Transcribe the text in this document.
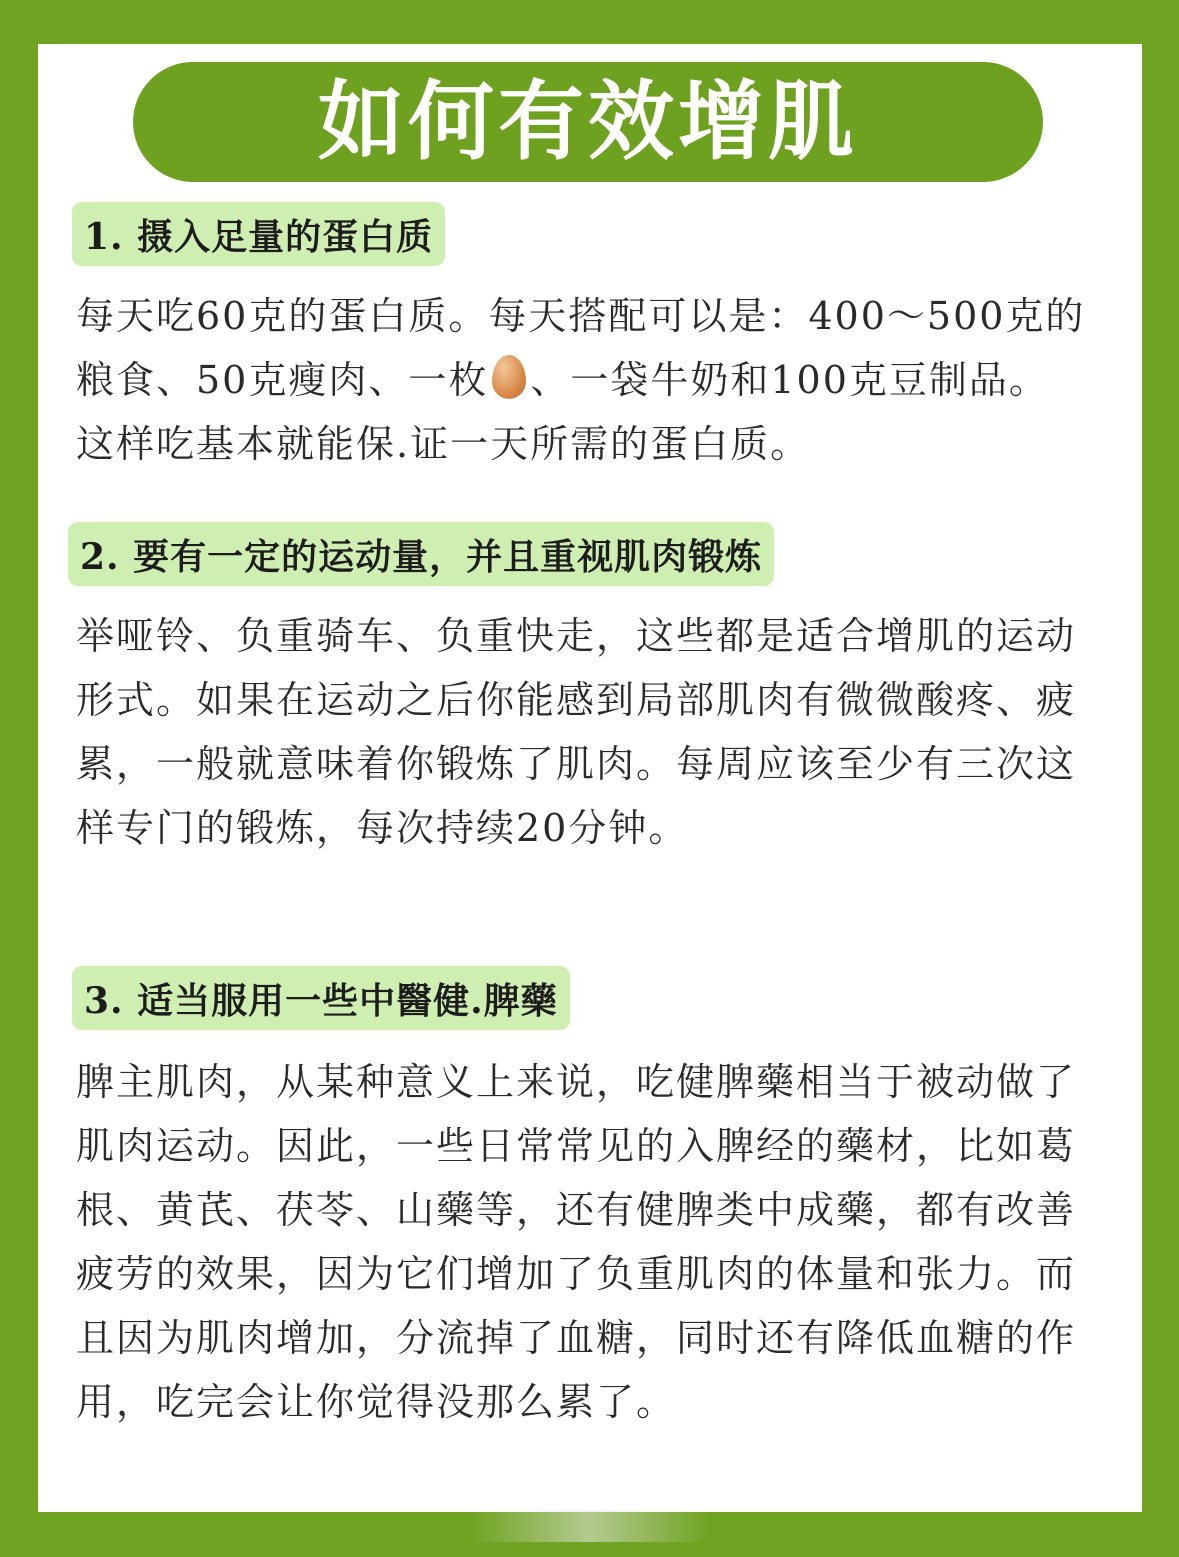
如何有效增肌
1. 摄入足量的蛋白质

每天吃60克的蛋白质。每天搭配可以是：400～500克的粮食、50克瘦肉、一枚 、一袋牛奶和100克豆制品。这样吃基本就能保.证一天所需的蛋白质。

2. 要有一定的运动量，并且重视肌肉锻炼

举哑铃、负重骑车、负重快走，这些都是适合增肌的运动形式。如果在运动之后你能感到局部肌肉有微微酸疼、疲累，一般就意味着你锻炼了肌肉。每周应该至少有三次这样专门的锻炼，每次持续20分钟。

3. 适当服用一些中醫健.脾藥

脾主肌肉，从某种意义上来说，吃健脾藥相当于被动做了肌肉运动。因此，一些日常常见的入脾经的藥材，比如葛根、黄芪、茯苓、山藥等，还有健脾类中成藥，都有改善疲劳的效果，因为它们增加了负重肌肉的体量和张力。而且因为肌肉增加，分流掉了血糖，同时还有降低血糖的作用，吃完会让你觉得没那么累了。
